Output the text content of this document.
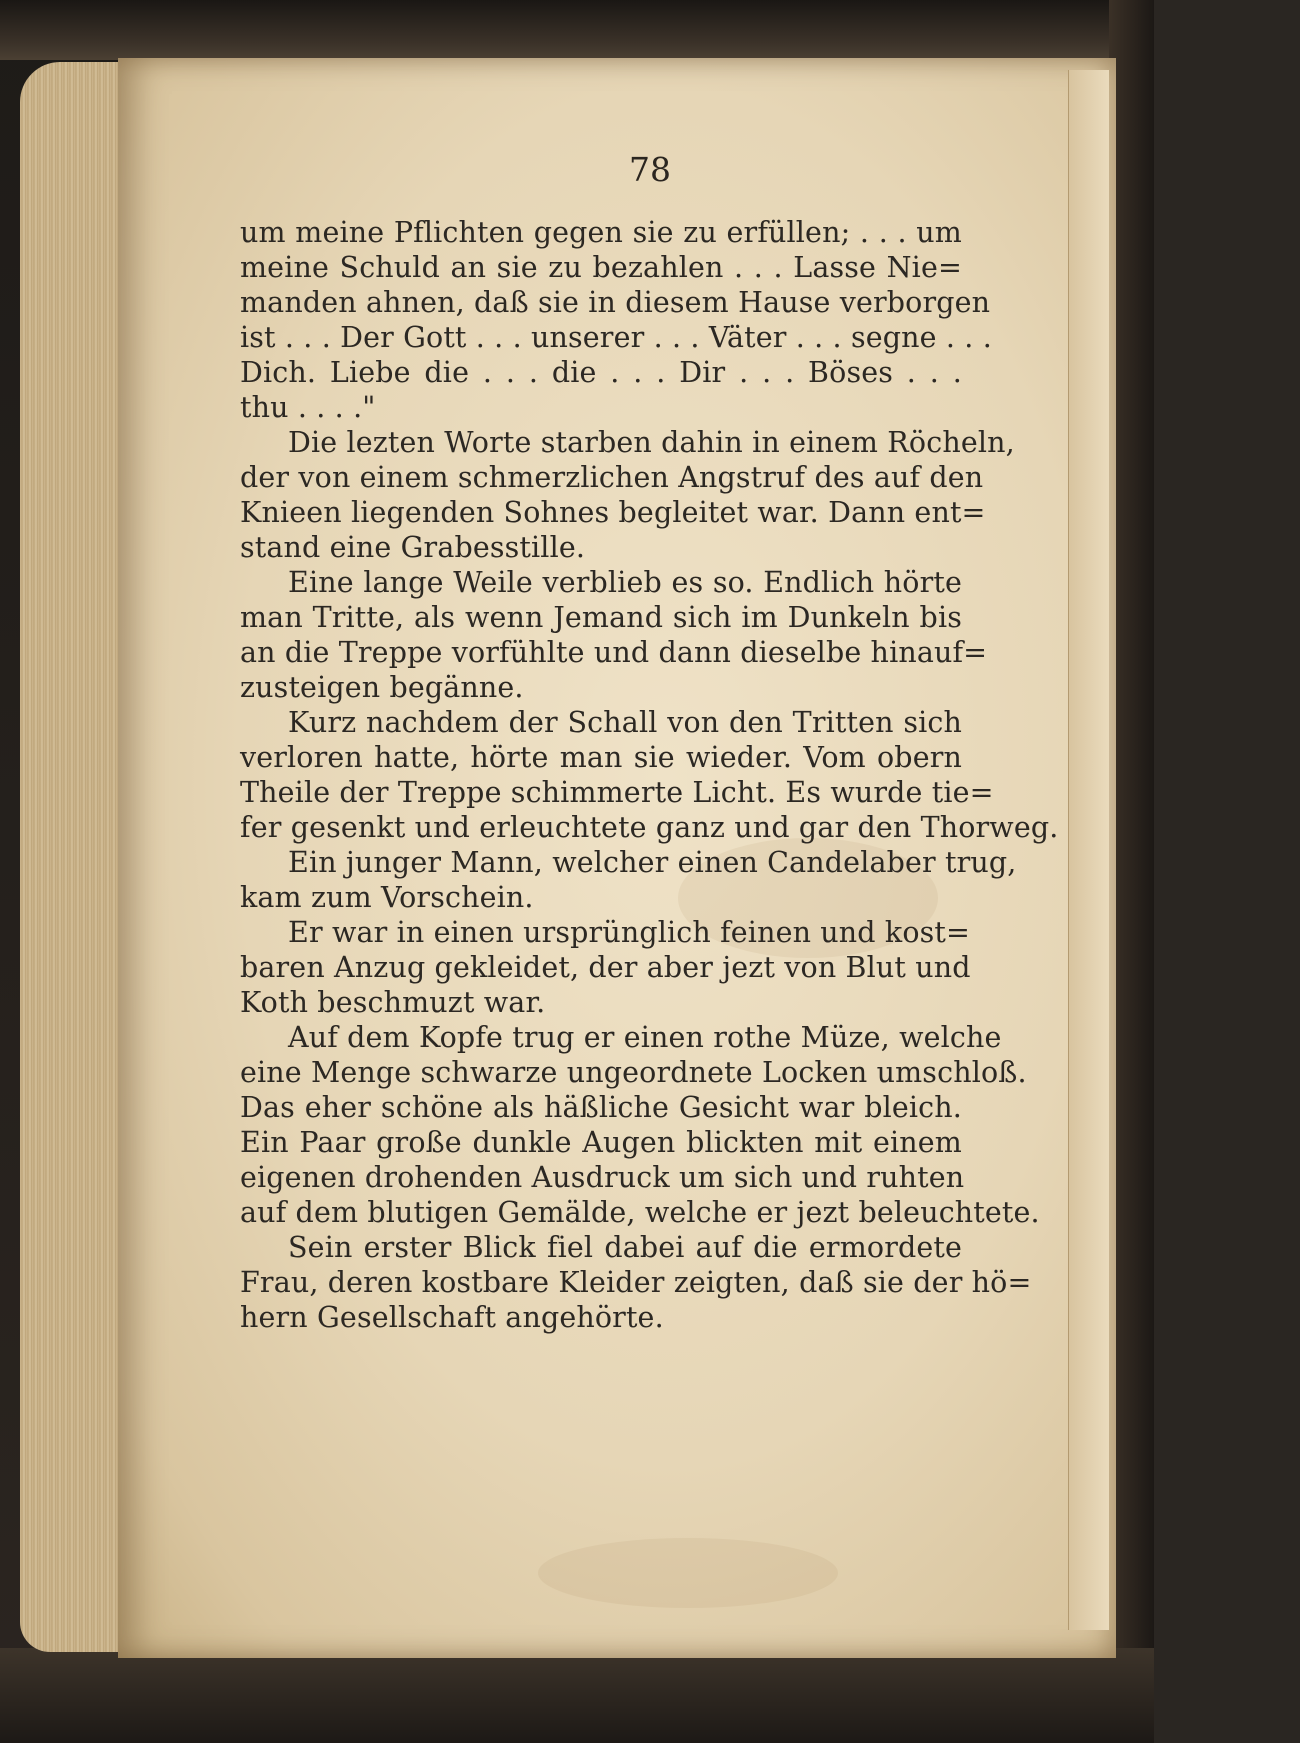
78
um meine Pflichten gegen sie zu erfüllen; . . . um
meine Schuld an sie zu bezahlen . . . Lasse Nie=
manden ahnen, daß sie in diesem Hause verborgen
ist . . . Der Gott . . . unserer . . . Väter . . . segne . . .
Dich. Liebe die . . . die . . . Dir . . . Böses . . .
thu . . . ."
Die lezten Worte starben dahin in einem Röcheln,
der von einem schmerzlichen Angstruf des auf den
Knieen liegenden Sohnes begleitet war. Dann ent=
stand eine Grabesstille.
Eine lange Weile verblieb es so. Endlich hörte
man Tritte, als wenn Jemand sich im Dunkeln bis
an die Treppe vorfühlte und dann dieselbe hinauf=
zusteigen begänne.
Kurz nachdem der Schall von den Tritten sich
verloren hatte, hörte man sie wieder. Vom obern
Theile der Treppe schimmerte Licht. Es wurde tie=
fer gesenkt und erleuchtete ganz und gar den Thorweg.
Ein junger Mann, welcher einen Candelaber trug,
kam zum Vorschein.
Er war in einen ursprünglich feinen und kost=
baren Anzug gekleidet, der aber jezt von Blut und
Koth beschmuzt war.
Auf dem Kopfe trug er einen rothe Müze, welche
eine Menge schwarze ungeordnete Locken umschloß.
Das eher schöne als häßliche Gesicht war bleich.
Ein Paar große dunkle Augen blickten mit einem
eigenen drohenden Ausdruck um sich und ruhten
auf dem blutigen Gemälde, welche er jezt beleuchtete.
Sein erster Blick fiel dabei auf die ermordete
Frau, deren kostbare Kleider zeigten, daß sie der hö=
hern Gesellschaft angehörte.
